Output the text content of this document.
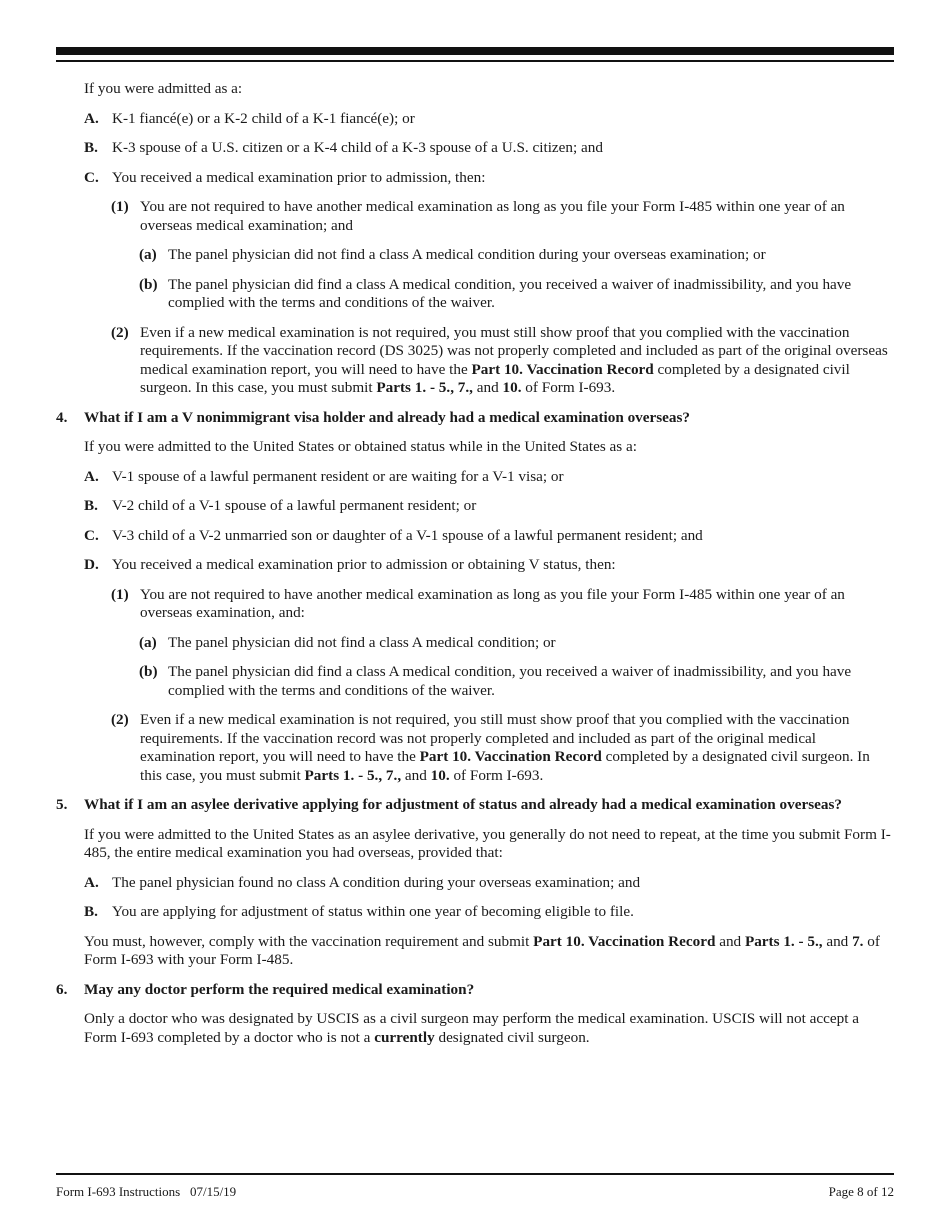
If you were admitted as a:

A. K-1 fiancé(e) or a K-2 child of a K-1 fiancé(e); or
B. K-3 spouse of a U.S. citizen or a K-4 child of a K-3 spouse of a U.S. citizen; and
C. You received a medical examination prior to admission, then:
(1) You are not required to have another medical examination as long as you file your Form I-485 within one year of an overseas medical examination; and
(a) The panel physician did not find a class A medical condition during your overseas examination; or
(b) The panel physician did find a class A medical condition, you received a waiver of inadmissibility, and you have complied with the terms and conditions of the waiver.
(2) Even if a new medical examination is not required, you must still show proof that you complied with the vaccination requirements. If the vaccination record (DS 3025) was not properly completed and included as part of the original overseas medical examination report, you will need to have the Part 10. Vaccination Record completed by a designated civil surgeon. In this case, you must submit Parts 1. - 5., 7., and 10. of Form I-693.
4. What if I am a V nonimmigrant visa holder and already had a medical examination overseas?

If you were admitted to the United States or obtained status while in the United States as a:

A. V-1 spouse of a lawful permanent resident or are waiting for a V-1 visa; or
B. V-2 child of a V-1 spouse of a lawful permanent resident; or
C. V-3 child of a V-2 unmarried son or daughter of a V-1 spouse of a lawful permanent resident; and
D. You received a medical examination prior to admission or obtaining V status, then:
(1) You are not required to have another medical examination as long as you file your Form I-485 within one year of an overseas examination, and:
(a) The panel physician did not find a class A medical condition; or
(b) The panel physician did find a class A medical condition, you received a waiver of inadmissibility, and you have complied with the terms and conditions of the waiver.
(2) Even if a new medical examination is not required, you still must show proof that you complied with the vaccination requirements. If the vaccination record was not properly completed and included as part of the original medical examination report, you will need to have the Part 10. Vaccination Record completed by a designated civil surgeon. In this case, you must submit Parts 1. - 5., 7., and 10. of Form I-693.
5. What if I am an asylee derivative applying for adjustment of status and already had a medical examination overseas?

If you were admitted to the United States as an asylee derivative, you generally do not need to repeat, at the time you submit Form I-485, the entire medical examination you had overseas, provided that:

A. The panel physician found no class A condition during your overseas examination; and
B. You are applying for adjustment of status within one year of becoming eligible to file.

You must, however, comply with the vaccination requirement and submit Part 10. Vaccination Record and Parts 1. - 5., and 7. of Form I-693 with your Form I-485.

6. May any doctor perform the required medical examination?

Only a doctor who was designated by USCIS as a civil surgeon may perform the medical examination. USCIS will not accept a Form I-693 completed by a doctor who is not a currently designated civil surgeon.

Form I-693 Instructions   07/15/19	Page 8 of 12
